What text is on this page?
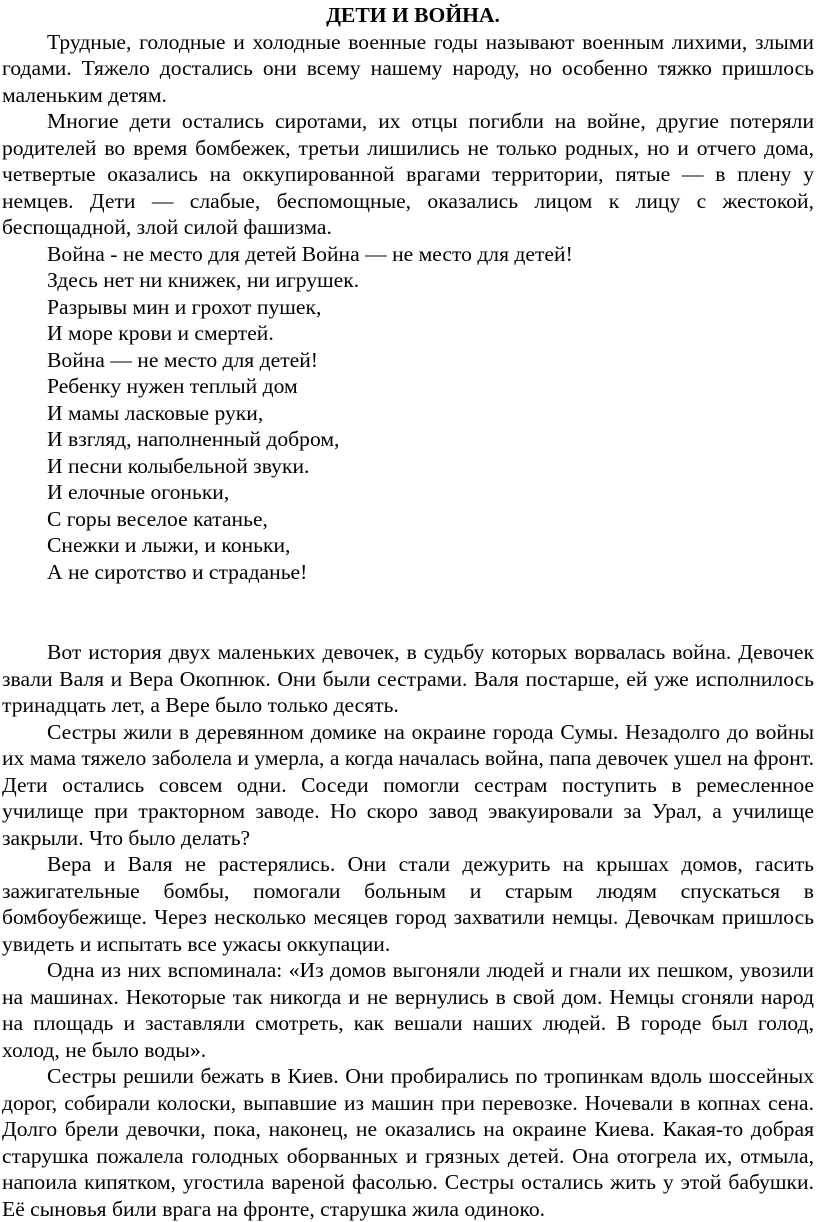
ДЕТИ И ВОЙНА.

Трудные, голодные и холодные военные годы называют военным лихими, злыми годами. Тяжело достались они всему нашему народу, но особенно тяжко пришлось маленьким детям.

Многие дети остались сиротами, их отцы погибли на войне, другие потеряли родителей во время бомбежек, третьи лишились не только родных, но и отчего дома, четвертые оказались на оккупированной врагами территории, пятые — в плену у немцев. Дети — слабые, беспомощные, оказались лицом к лицу с жестокой, беспощадной, злой силой фашизма.

Война - не место для детей Война — не место для детей!
Здесь нет ни книжек, ни игрушек.
Разрывы мин и грохот пушек,
И море крови и смертей.
Война — не место для детей!
Ребенку нужен теплый дом
И мамы ласковые руки,
И взгляд, наполненный добром,
И песни колыбельной звуки.
И елочные огоньки,
С горы веселое катанье,
Снежки и лыжи, и коньки,
А не сиротство и страданье!

Вот история двух маленьких девочек, в судьбу которых ворвалась война. Девочек звали Валя и Вера Окопнюк. Они были сестрами. Валя постарше, ей уже исполнилось тринадцать лет, а Вере было только десять.

Сестры жили в деревянном домике на окраине города Сумы. Незадолго до войны их мама тяжело заболела и умерла, а когда началась война, папа девочек ушел на фронт. Дети остались совсем одни. Соседи помогли сестрам поступить в ремесленное училище при тракторном заводе. Но скоро завод эвакуировали за Урал, а училище закрыли. Что было делать?

Вера и Валя не растерялись. Они стали дежурить на крышах домов, гасить зажигательные бомбы, помогали больным и старым людям спускаться в бомбоубежище. Через несколько месяцев город захватили немцы. Девочкам пришлось увидеть и испытать все ужасы оккупации.

Одна из них вспоминала: «Из домов выгоняли людей и гнали их пешком, увозили на машинах. Некоторые так никогда и не вернулись в свой дом. Немцы сгоняли народ на площадь и заставляли смотреть, как вешали наших людей. В городе был голод, холод, не было воды».

Сестры решили бежать в Киев. Они пробирались по тропинкам вдоль шоссейных дорог, собирали колоски, выпавшие из машин при перевозке. Ночевали в копнах сена. Долго брели девочки, пока, наконец, не оказались на окраине Киева. Какая-то добрая старушка пожалела голодных оборванных и грязных детей. Она отогрела их, отмыла, напоила кипятком, угостила вареной фасолью. Сестры остались жить у этой бабушки. Её сыновья били врага на фронте, старушка жила одиноко.
